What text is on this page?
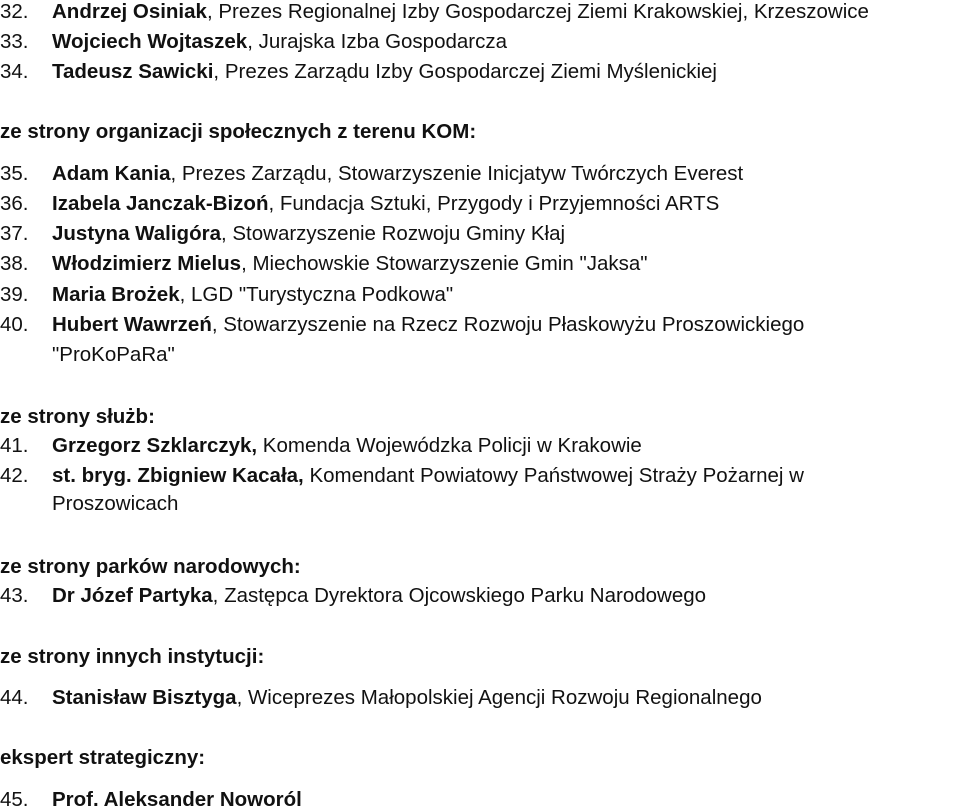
32.	Andrzej Osiniak, Prezes Regionalnej Izby Gospodarczej Ziemi Krakowskiej, Krzeszowice
33.	Wojciech Wojtaszek, Jurajska Izba Gospodarcza
34.	Tadeusz Sawicki, Prezes Zarządu Izby Gospodarczej Ziemi Myślenickiej
ze strony organizacji społecznych z terenu KOM:
35.	Adam Kania, Prezes Zarządu, Stowarzyszenie Inicjatyw Twórczych Everest
36.	Izabela Janczak-Bizoń, Fundacja Sztuki, Przygody i Przyjemności ARTS
37.	Justyna Waligóra, Stowarzyszenie Rozwoju Gminy Kłaj
38.	Włodzimierz Mielus, Miechowskie Stowarzyszenie Gmin "Jaksa"
39.	Maria Brożek, LGD "Turystyczna Podkowa"
40.	Hubert Wawrzeń, Stowarzyszenie na Rzecz Rozwoju Płaskowyżu Proszowickiego
"ProKoPaRa"
ze strony służb:
41.	Grzegorz Szklarczyk, Komenda Wojewódzka Policji w Krakowie
42.	st. bryg. Zbigniew Kacała, Komendant Powiatowy Państwowej Straży Pożarnej w
Proszowicach
ze strony parków narodowych:
43.	Dr Józef Partyka, Zastępca Dyrektora Ojcowskiego Parku Narodowego
ze strony innych instytucji:
44.	Stanisław Bisztyga, Wiceprezes Małopolskiej Agencji Rozwoju Regionalnego
ekspert strategiczny:
45.	Prof. Aleksander Noworól
